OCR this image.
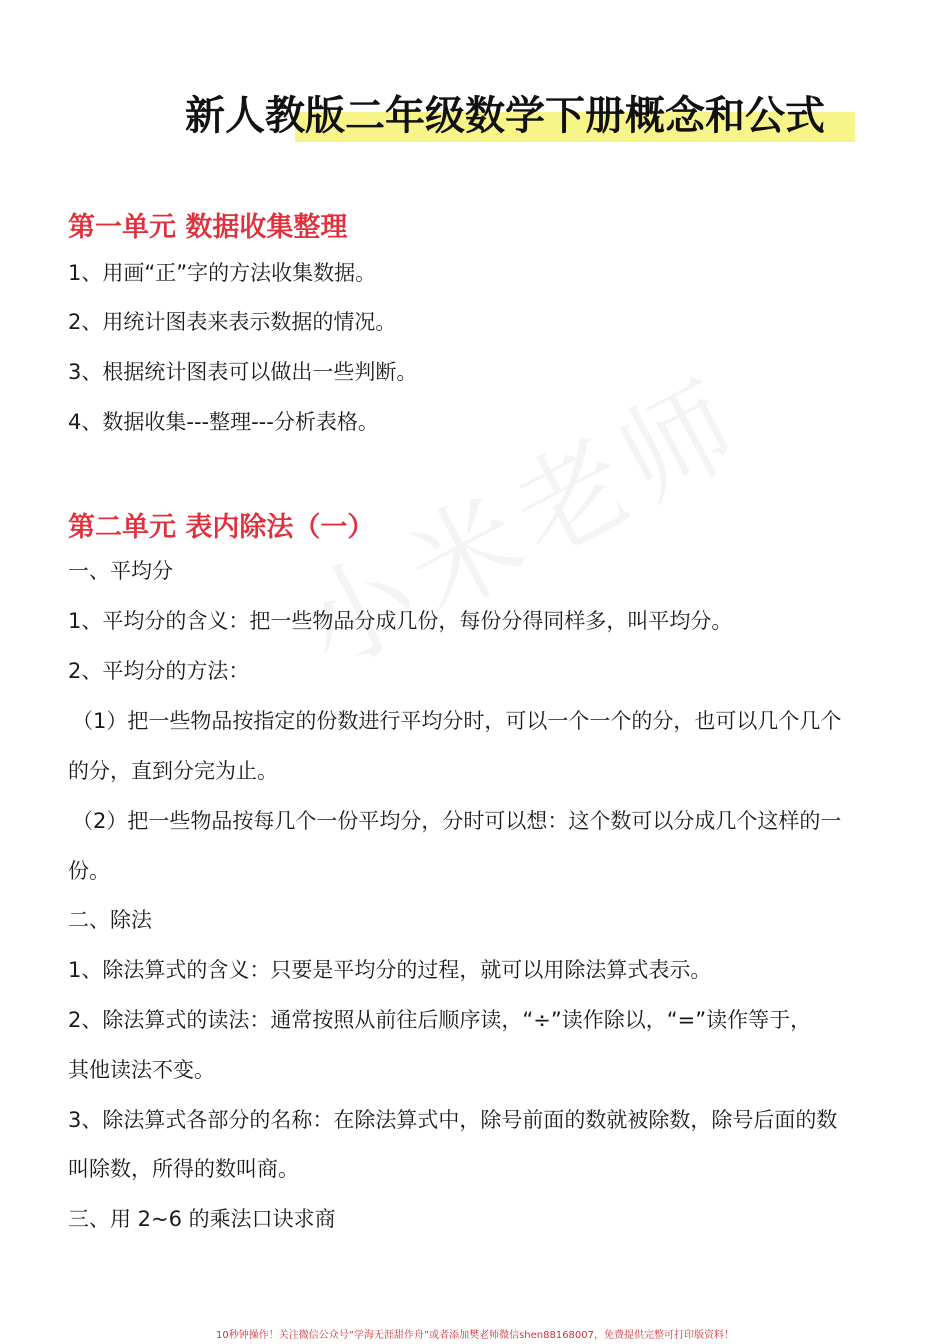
新人教版二年级数学下册概念和公式
第一单元 数据收集整理
1、用画“正”字的方法收集数据。
2、用统计图表来表示数据的情况。
3、根据统计图表可以做出一些判断。
4、数据收集---整理---分析表格。
第二单元 表内除法（一）
一、平均分
1、平均分的含义：把一些物品分成几份，每份分得同样多，叫平均分。
2、平均分的方法：
（1）把一些物品按指定的份数进行平均分时，可以一个一个的分，也可以几个几个
的分，直到分完为止。
（2）把一些物品按每几个一份平均分，分时可以想：这个数可以分成几个这样的一
份。
二、除法
1、除法算式的含义：只要是平均分的过程，就可以用除法算式表示。
2、除法算式的读法：通常按照从前往后顺序读，“÷”读作除以，“=”读作等于，
其他读法不变。
3、除法算式各部分的名称：在除法算式中，除号前面的数就被除数，除号后面的数
叫除数，所得的数叫商。
三、用 2~6 的乘法口诀求商
10秒钟操作！关注微信公众号“学海无涯甜作舟”或者添加樊老师微信shen88168007，免费提供完整可打印版资料！
